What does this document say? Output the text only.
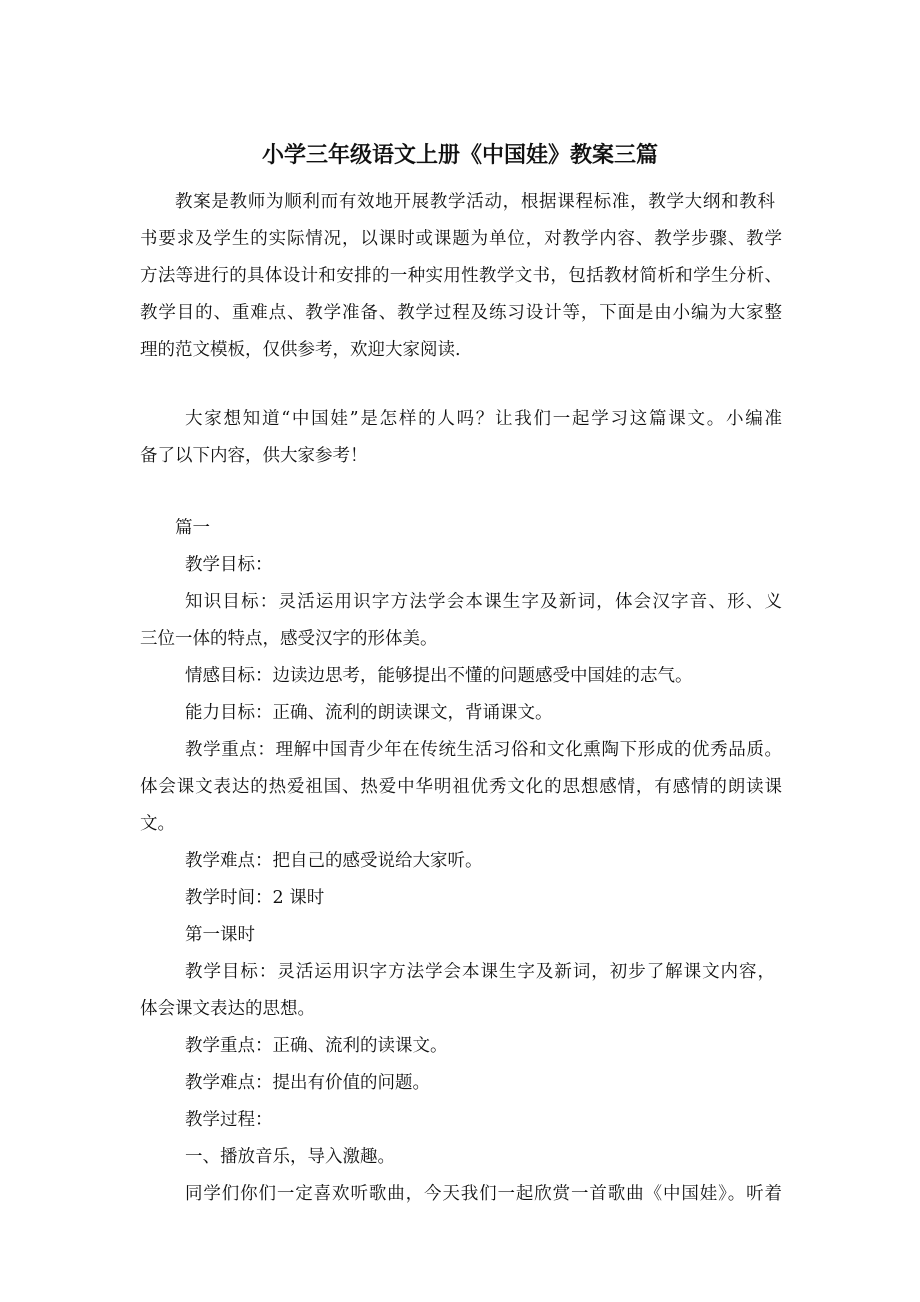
小学三年级语文上册《中国娃》教案三篇
教案是教师为顺利而有效地开展教学活动，根据课程标准，教学大纲和教科
书要求及学生的实际情况，以课时或课题为单位，对教学内容、教学步骤、教学
方法等进行的具体设计和安排的一种实用性教学文书，包括教材简析和学生分析、
教学目的、重难点、教学准备、教学过程及练习设计等，下面是由小编为大家整
理的范文模板，仅供参考，欢迎大家阅读.
大家想知道“中国娃”是怎样的人吗？让我们一起学习这篇课文。小编准
备了以下内容，供大家参考！
篇一
教学目标：
知识目标：灵活运用识字方法学会本课生字及新词，体会汉字音、形、义
三位一体的特点，感受汉字的形体美。
情感目标：边读边思考，能够提出不懂的问题感受中国娃的志气。
能力目标：正确、流利的朗读课文，背诵课文。
教学重点：理解中国青少年在传统生活习俗和文化熏陶下形成的优秀品质。
体会课文表达的热爱祖国、热爱中华明祖优秀文化的思想感情，有感情的朗读课
文。
教学难点：把自己的感受说给大家听。
教学时间：2 课时
第一课时
教学目标：灵活运用识字方法学会本课生字及新词，初步了解课文内容，
体会课文表达的思想。
教学重点：正确、流利的读课文。
教学难点：提出有价值的问题。
教学过程：
一、播放音乐，导入激趣。
同学们你们一定喜欢听歌曲，今天我们一起欣赏一首歌曲《中国娃》。听着
